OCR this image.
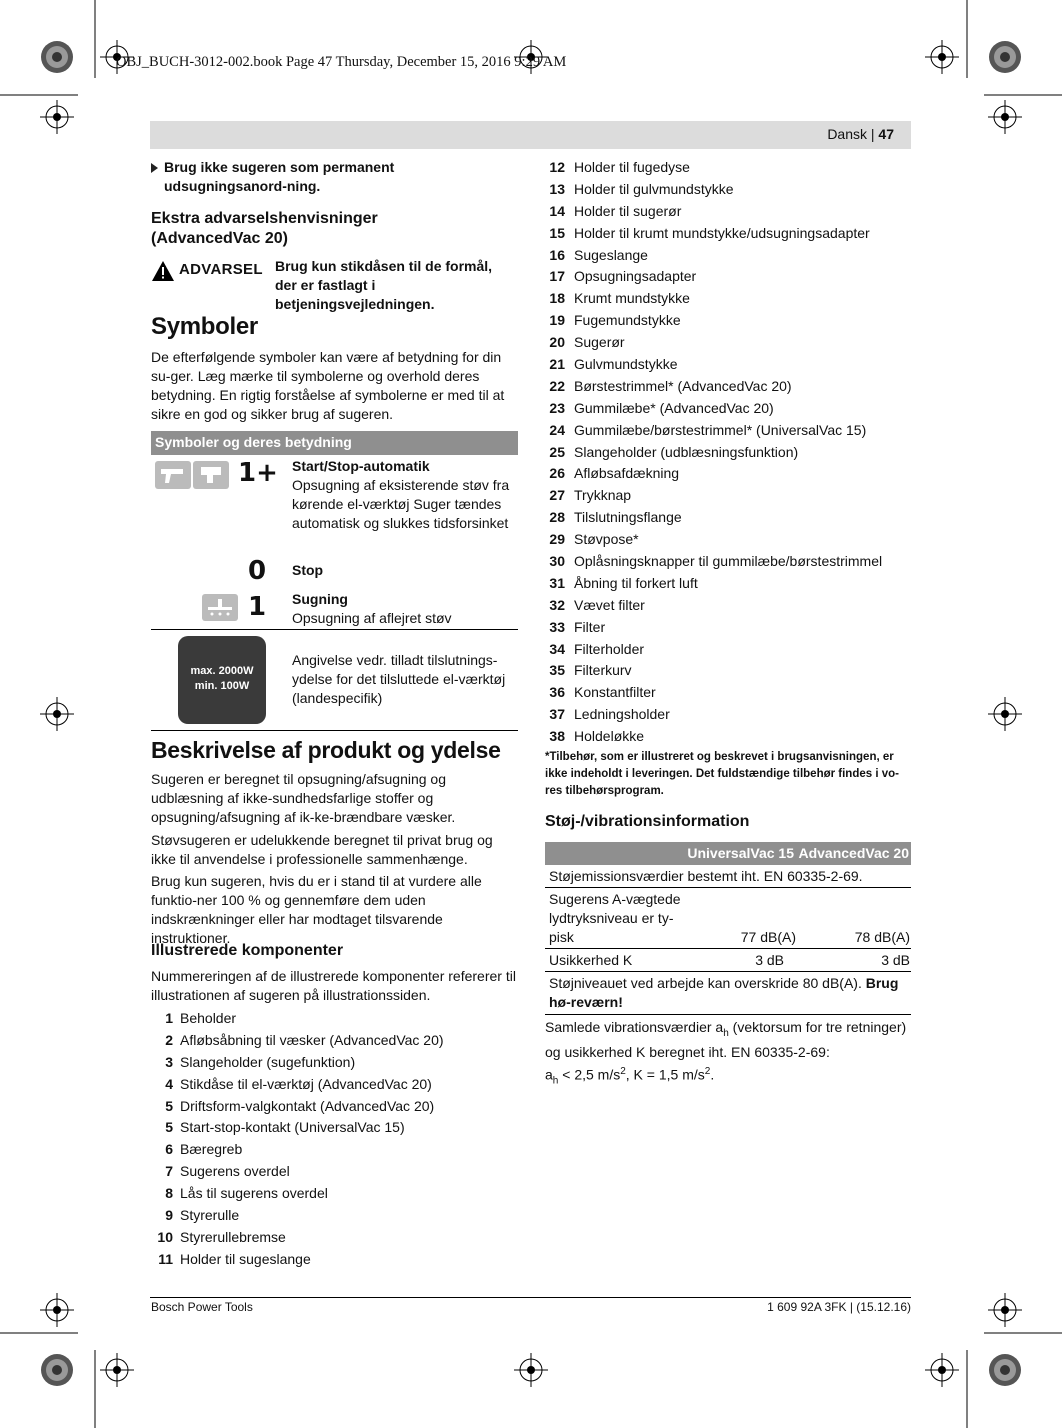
OBJ_BUCH-3012-002.book Page 47 Thursday, December 15, 2016 9:29 AM
Dansk | 47
Brug ikke sugeren som permanent udsugningsanord-ning.
Ekstra advarselshenvisninger (AdvancedVac 20)
ADVARSEL Brug kun stikdåsen til de formål, der er fastlagt i betjeningsvejledningen.
Symboler

De efterfølgende symboler kan være af betydning for din su-ger. Læg mærke til symbolerne og overhold deres betydning. En rigtig forståelse af symbolerne er med til at sikre en god og sikker brug af sugeren.

Symboler og deres betydning
1+ Start/Stop-automatik
Opsugning af eksisterende støv fra kørende el-værktøj Suger tændes automatisk og slukkes tidsforsinket
0 Stop
1 Sugning
Opsugning af aflejret støv
max. 2000W
min. 100W
Angivelse vedr. tilladt tilslutnings-ydelse for det tilsluttede el-værktøj (landespecifik)
Beskrivelse af produkt og ydelse

Sugeren er beregnet til opsugning/afsugning og udblæsning af ikke-sundhedsfarlige stoffer og opsugning/afsugning af ik-ke-brændbare væsker.

Støvsugeren er udelukkende beregnet til privat brug og ikke til anvendelse i professionelle sammenhænge.

Brug kun sugeren, hvis du er i stand til at vurdere alle funktio-ner 100 % og gennemføre dem uden indskrænkninger eller har modtaget tilsvarende instruktioner.

Illustrerede komponenter

Nummereringen af de illustrerede komponenter refererer til illustrationen af sugeren på illustrationssiden.

1 Beholder
2 Afløbsåbning til væsker (AdvancedVac 20)
3 Slangeholder (sugefunktion)
4 Stikdåse til el-værktøj (AdvancedVac 20)
5 Driftsform-valgkontakt (AdvancedVac 20)
5 Start-stop-kontakt (UniversalVac 15)
6 Bæregreb
7 Sugerens overdel
8 Lås til sugerens overdel
9 Styrerulle
10 Styrerullebremse
11 Holder til sugeslange
12 Holder til fugedyse
13 Holder til gulvmundstykke
14 Holder til sugerør
15 Holder til krumt mundstykke/udsugningsadapter
16 Sugeslange
17 Opsugningsadapter
18 Krumt mundstykke
19 Fugemundstykke
20 Sugerør
21 Gulvmundstykke
22 Børstestrimmel* (AdvancedVac 20)
23 Gummilæbe* (AdvancedVac 20)
24 Gummilæbe/børstestrimmel* (UniversalVac 15)
25 Slangeholder (udblæsningsfunktion)
26 Afløbsafdækning
27 Trykknap
28 Tilslutningsflange
29 Støvpose*
30 Oplåsningsknapper til gummilæbe/børstestrimmel
31 Åbning til forkert luft
32 Vævet filter
33 Filter
34 Filterholder
35 Filterkurv
36 Konstantfilter
37 Ledningsholder
38 Holdeløkke
*Tilbehør, som er illustreret og beskrevet i brugsanvisningen, er ikke indeholdt i leveringen. Det fuldstændige tilbehør findes i vo-res tilbehørsprogram.
Støj-/vibrationsinformation
UniversalVac 15 AdvancedVac 20
Støjemissionsværdier bestemt iht. EN 60335-2-69.
Sugerens A-vægtede lydtryksniveau er ty-pisk	77 dB(A)	78 dB(A)
Usikkerhed K	3 dB	3 dB
Støjniveauet ved arbejde kan overskride 80 dB(A). Brug hø-reværn!
Samlede vibrationsværdier $a_h$ (vektorsum for tre retninger)
og usikkerhed K beregnet iht. EN 60335-2-69:
$a_h < 2,5$ $m/s^2$, K = 1,5 $m/s^2$.
Bosch Power Tools	1 609 92A 3FK | (15.12.16)
